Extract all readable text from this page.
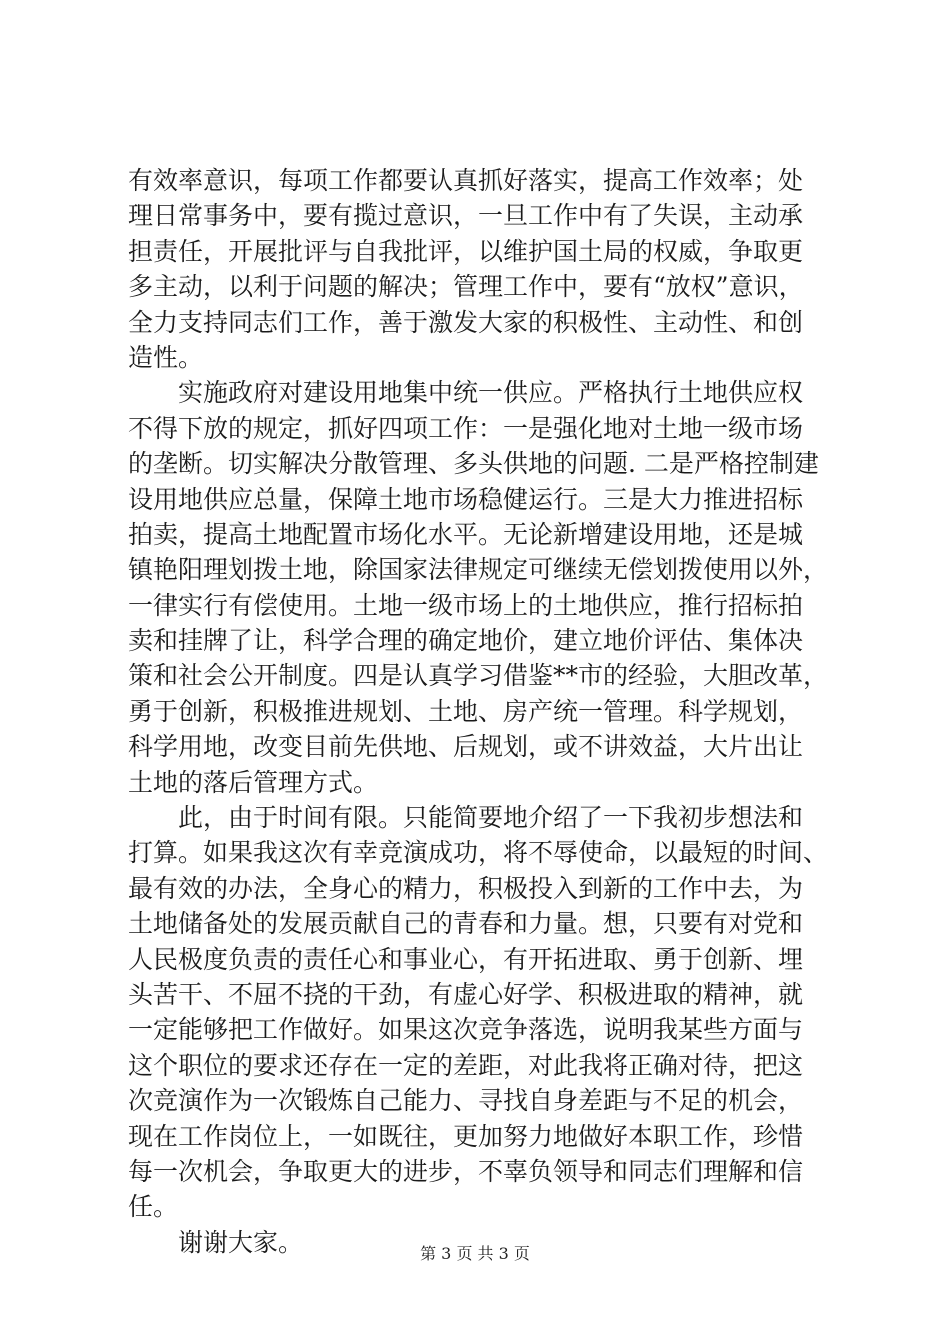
有效率意识，每项工作都要认真抓好落实，提高工作效率；处
理日常事务中，要有揽过意识，一旦工作中有了失误，主动承
担责任，开展批评与自我批评，以维护国土局的权威，争取更
多主动，以利于问题的解决；管理工作中，要有“放权”意识，
全力支持同志们工作，善于激发大家的积极性、主动性、和创
造性。
　　实施政府对建设用地集中统一供应。严格执行土地供应权
不得下放的规定，抓好四项工作：一是强化地对土地一级市场
的垄断。切实解决分散管理、多头供地的问题. 二是严格控制建
设用地供应总量，保障土地市场稳健运行。三是大力推进招标
拍卖，提高土地配置市场化水平。无论新增建设用地，还是城
镇艳阳理划拨土地，除国家法律规定可继续无偿划拨使用以外，
一律实行有偿使用。土地一级市场上的土地供应，推行招标拍
卖和挂牌了让，科学合理的确定地价，建立地价评估、集体决
策和社会公开制度。四是认真学习借鉴**市的经验，大胆改革，
勇于创新，积极推进规划、土地、房产统一管理。科学规划，
科学用地，改变目前先供地、后规划，或不讲效益，大片出让
土地的落后管理方式。
　　此，由于时间有限。只能简要地介绍了一下我初步想法和
打算。如果我这次有幸竞演成功，将不辱使命，以最短的时间、
最有效的办法，全身心的精力，积极投入到新的工作中去，为
土地储备处的发展贡献自己的青春和力量。想，只要有对党和
人民极度负责的责任心和事业心，有开拓进取、勇于创新、埋
头苦干、不屈不挠的干劲，有虚心好学、积极进取的精神，就
一定能够把工作做好。如果这次竞争落选，说明我某些方面与
这个职位的要求还存在一定的差距，对此我将正确对待，把这
次竞演作为一次锻炼自己能力、寻找自身差距与不足的机会，
现在工作岗位上，一如既往，更加努力地做好本职工作，珍惜
每一次机会，争取更大的进步，不辜负领导和同志们理解和信
任。
　　谢谢大家。	第 3 页 共 3 页
